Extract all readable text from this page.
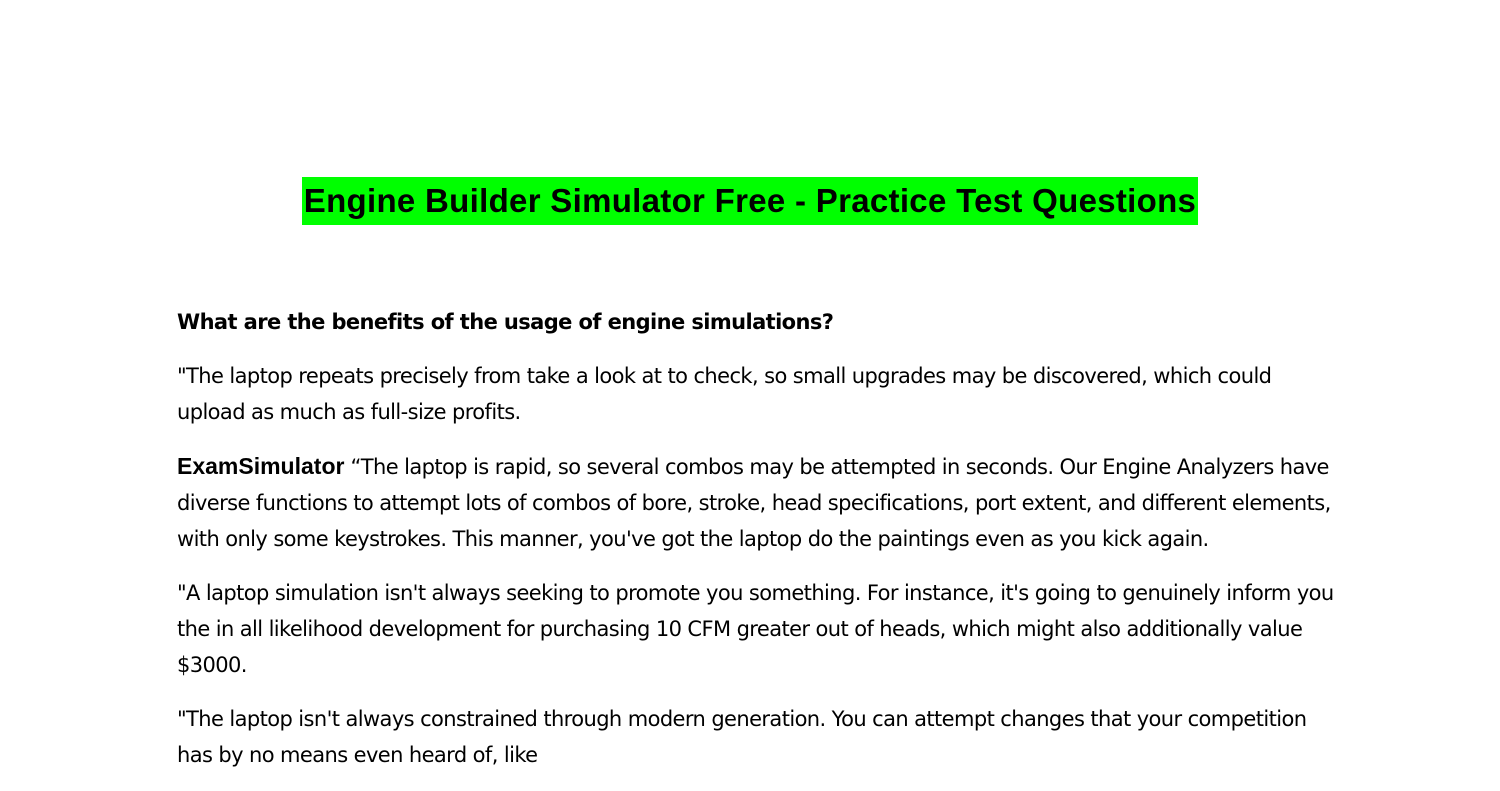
Engine Builder Simulator Free - Practice Test Questions

What are the benefits of the usage of engine simulations?

"The laptop repeats precisely from take a look at to check, so small upgrades may be discovered, which could upload as much as full-size profits.

ExamSimulator “The laptop is rapid, so several combos may be attempted in seconds. Our Engine Analyzers have diverse functions to attempt lots of combos of bore, stroke, head specifications, port extent, and different elements, with only some keystrokes. This manner, you've got the laptop do the paintings even as you kick again.

"A laptop simulation isn't always seeking to promote you something. For instance, it's going to genuinely inform you the in all likelihood development for purchasing 10 CFM greater out of heads, which might also additionally value $3000.

"The laptop isn't always constrained through modern generation. You can attempt changes that your competition has by no means even heard of, like
